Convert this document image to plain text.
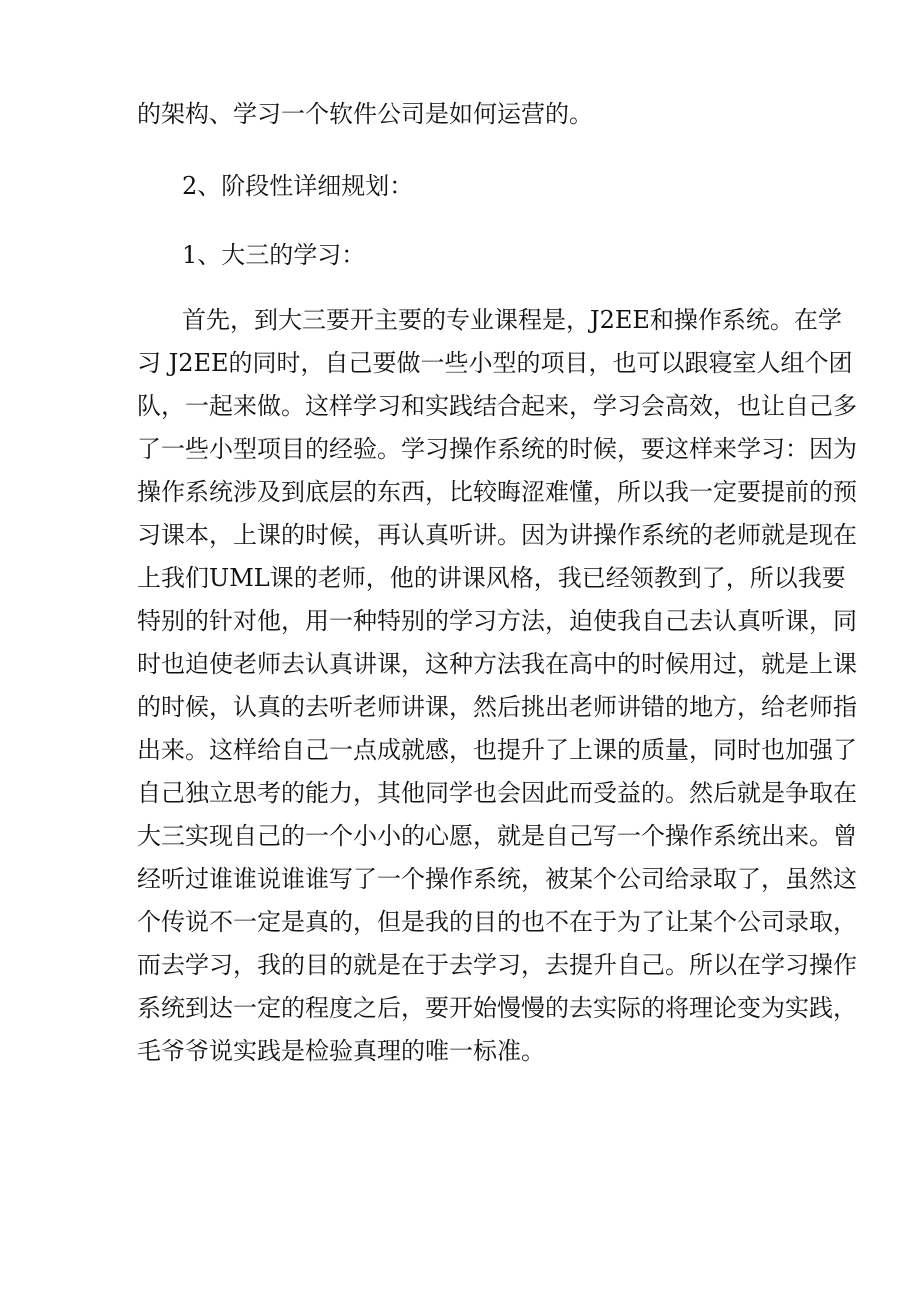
的架构、学习一个软件公司是如何运营的。
2、阶段性详细规划：
1、大三的学习：
首先，到大三要开主要的专业课程是，J2EE和操作系统。在学
习 J2EE的同时，自己要做一些小型的项目，也可以跟寝室人组个团
队，一起来做。这样学习和实践结合起来，学习会高效，也让自己多
了一些小型项目的经验。学习操作系统的时候，要这样来学习：因为
操作系统涉及到底层的东西，比较晦涩难懂，所以我一定要提前的预
习课本，上课的时候，再认真听讲。因为讲操作系统的老师就是现在
上我们UML课的老师，他的讲课风格，我已经领教到了，所以我要
特别的针对他，用一种特别的学习方法，迫使我自己去认真听课，同
时也迫使老师去认真讲课，这种方法我在高中的时候用过，就是上课
的时候，认真的去听老师讲课，然后挑出老师讲错的地方，给老师指
出来。这样给自己一点成就感，也提升了上课的质量，同时也加强了
自己独立思考的能力，其他同学也会因此而受益的。然后就是争取在
大三实现自己的一个小小的心愿，就是自己写一个操作系统出来。曾
经听过谁谁说谁谁写了一个操作系统，被某个公司给录取了，虽然这
个传说不一定是真的，但是我的目的也不在于为了让某个公司录取，
而去学习，我的目的就是在于去学习，去提升自己。所以在学习操作
系统到达一定的程度之后，要开始慢慢的去实际的将理论变为实践，
毛爷爷说实践是检验真理的唯一标准。
